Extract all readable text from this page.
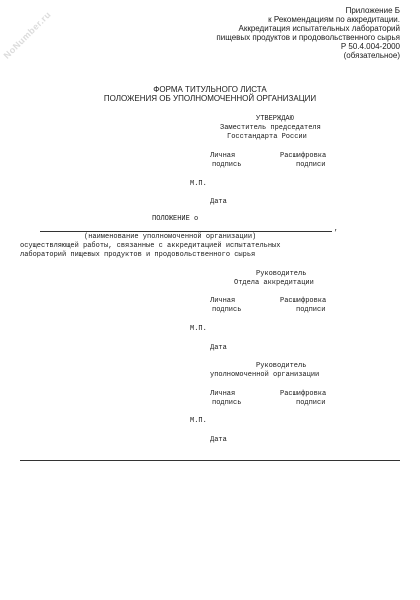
NoNumber.ru	Приложение Б
к Рекомендациям по аккредитации.
Аккредитация испытательных лабораторий
пищевых продуктов и продовольственного сырья
Р 50.4.004-2000
(обязательное)
ФОРМА ТИТУЛЬНОГО ЛИСТА
ПОЛОЖЕНИЯ ОБ УПОЛНОМОЧЕННОЙ ОРГАНИЗАЦИИ
УТВЕРЖДАЮ
Заместитель председателя
Госстандарта России
Личная
подпись
Расшифровка
подписи
М.П.
Дата
ПОЛОЖЕНИЕ о
,
(наименование уполномоченной организации)
осуществляющей работы, связанные с аккредитацией испытательных
лабораторий пищевых продуктов и продовольственного сырья
Руководитель
Отдела аккредитации
Личная
подпись
Расшифровка
подписи
М.П.
Дата
Руководитель
уполномоченной организации
Личная
подпись
Расшифровка
подписи
М.П.
Дата
